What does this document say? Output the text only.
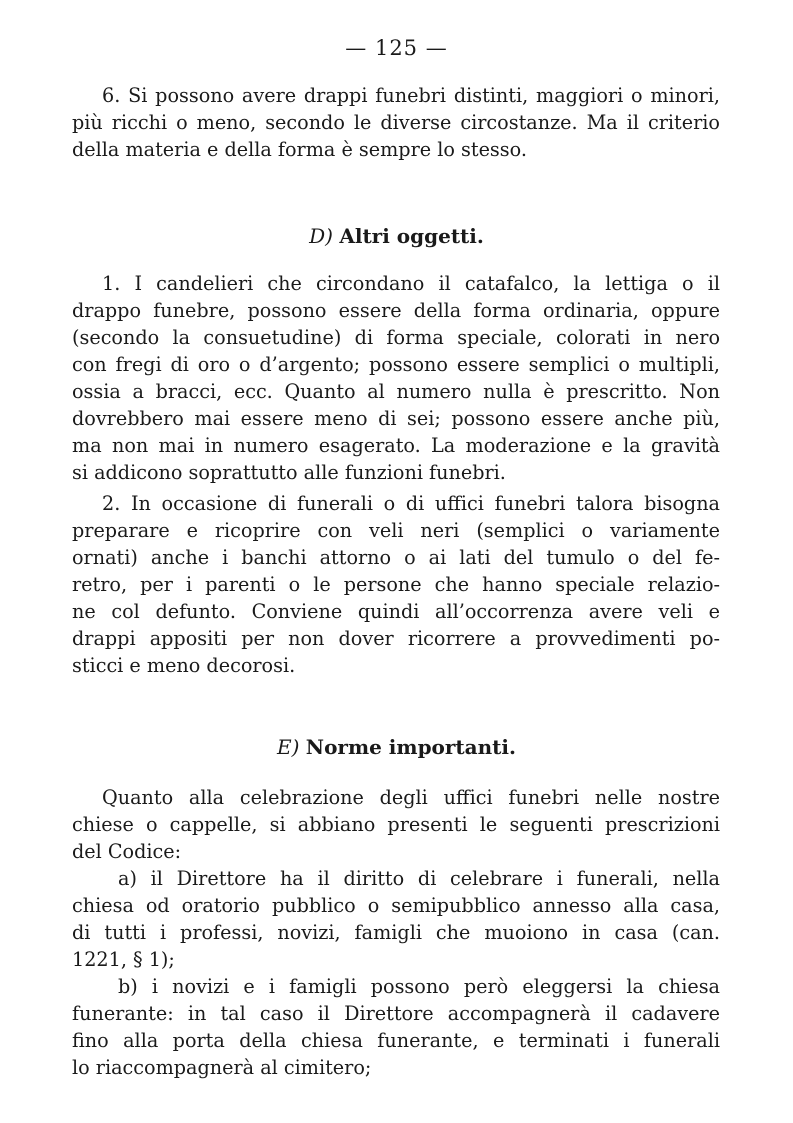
— 125 —
6. Si possono avere drappi funebri distinti, maggiori o minori,
più ricchi o meno, secondo le diverse circostanze. Ma il criterio
della materia e della forma è sempre lo stesso.
D) Altri oggetti.
1. I candelieri che circondano il catafalco, la lettiga o il
drappo funebre, possono essere della forma ordinaria, oppure
(secondo la consuetudine) di forma speciale, colorati in nero
con fregi di oro o d’argento; possono essere semplici o multipli,
ossia a bracci, ecc. Quanto al numero nulla è prescritto. Non
dovrebbero mai essere meno di sei; possono essere anche più,
ma non mai in numero esagerato. La moderazione e la gravità
si addicono soprattutto alle funzioni funebri.
2. In occasione di funerali o di uffici funebri talora bisogna
preparare e ricoprire con veli neri (semplici o variamente
ornati) anche i banchi attorno o ai lati del tumulo o del fe-
retro, per i parenti o le persone che hanno speciale relazio-
ne col defunto. Conviene quindi all’occorrenza avere veli e
drappi appositi per non dover ricorrere a provvedimenti po-
sticci e meno decorosi.
E) Norme importanti.
Quanto alla celebrazione degli uffici funebri nelle nostre
chiese o cappelle, si abbiano presenti le seguenti prescrizioni
del Codice:
a) il Direttore ha il diritto di celebrare i funerali, nella
chiesa od oratorio pubblico o semipubblico annesso alla casa,
di tutti i professi, novizi, famigli che muoiono in casa (can.
1221, § 1);
b) i novizi e i famigli possono però eleggersi la chiesa
funerante: in tal caso il Direttore accompagnerà il cadavere
fino alla porta della chiesa funerante, e terminati i funerali
lo riaccompagnerà al cimitero;
